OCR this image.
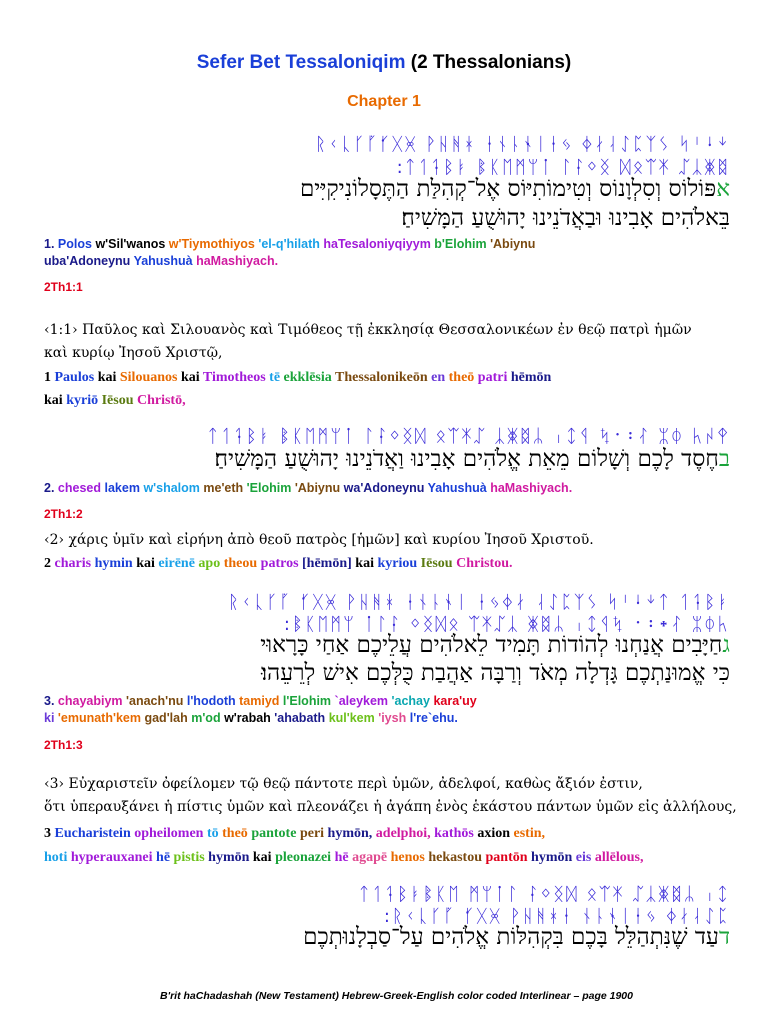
Sefer Bet Tessaloniqim (2 Thessalonians)
Chapter 1
ᚱᚲᚳᚴᚵᚶᚷᚸ ᚹᚺᚻᚼ ᚽᚾᚿᛀᛁᛂᛃ ᛄᛅᛆᛇᛈᛉᛊ ᛋᛌᛍᛎ
ᛏᛐᛑᛒᛓ ᛔᛕᛖᛗᛘᛙ ᛚᛛᛜᛝ ᛞᛟᛠᛡ ᛢᛣᛤᛥ:
אפּוֹלוֹס וְסִלְוָנוֹס וְטִימוֹתִיּוֹס אֶל־קְהִלַּת הַתֶּסָלוֹנִיקִיִּים
בֵּאלֹהִים אָבִינוּ וּבַאֲדֹנֵינוּ יָהוּשֻׁעַ הַמָּשִׁיחַ׃
1. Polos w'Sil'wanos w'Tiymothiyos 'el-q'hilath haTesaloniyqiyym b'Elohim 'Abiynu
uba'Adoneynu Yahushuà haMashiyach.
2Th1:1
‹1:1› Παῦλος καὶ Σιλουανὸς καὶ Τιμόθεος τῇ ἐκκλησίᾳ Θεσσαλονικέων ἐν θεῷ πατρὶ ἡμῶν
καὶ κυρίῳ Ἰησοῦ Χριστῷ,
1 Paulos kai Silouanos kai Timotheos tē ekklēsia Thessalonikeōn en theō patri hēmōn
kai kyriō Iēsou Christō,
ᛏᛐᛑᛒᛓ ᛔᛕᛖᛗᛘᛙ ᛚᛛᛜᛝᛞ ᛟᛠᛡᛢ ᛣᛤᛥᛦ ᛧᛨᛩ ᛪ᛫᛬ᛮ ᛯᛰ ᛱᛲᛳ
בחֶסֶד לָכֶם וְשָׁלוֹם מֵאֵת אֱלֹהִים אָבִינוּ וַאֲדֹנֵינוּ יָהוּשֻׁעַ הַמָּשִׁיחַ׃
2. chesed lakem w'shalom me'eth 'Elohim 'Abiynu wa'Adoneynu Yahushuà haMashiyach.
2Th1:2
‹2› χάρις ὑμῖν καὶ εἰρήνη ἀπὸ θεοῦ πατρὸς [ἡμῶν] καὶ κυρίου Ἰησοῦ Χριστοῦ.
2 charis hymin kai eirēnē apo theou patros [hēmōn] kai kyriou Iēsou Christou.
ᚱᚲᚳᚴᚵ ᚶᚷᚸ ᚹᚺᚻᚼ ᚽᚾᚿᛀᛁ ᛂᛃᛄᛅ ᛆᛇᛈᛉᛊ ᛋᛌᛍᛎᛏ ᛐᛑᛒᛓ
ᛔᛕᛖᛗᛘ ᛙᛚᛛ ᛜᛝᛞᛟ ᛠᛡᛢᛣ ᛤᛥᛦ ᛧᛨᛩᛪ ᛫᛬᛭ᛮ ᛯᛰᛱ:
גחַיָּבִים אֲנַחְנוּ לְהוֹדוֹת תָּמִיד לֵאלֹהִים עֲלֵיכֶם אַחַי כָּרָאוּי
כִּי אֱמוּנַתְכֶם גָּדְלָה מְאֹד וְרַבָּה אַהֲבַת כֻּלְּכֶם אִישׁ לְרֵעֵהוּ׃
3. chayabiym 'anach'nu l'hodoth tamiyd l'Elohim `aleykem 'achay kara'uy
ki 'emunath'kem gad'lah m'od w'rabah 'ahabath kul'kem 'iysh l're`ehu.
2Th1:3
‹3› Εὐχαριστεῖν ὀφείλομεν τῷ θεῷ πάντοτε περὶ ὑμῶν, ἀδελφοί, καθὼς ἄξιόν ἐστιν,
ὅτι ὑπεραυξάνει ἡ πίστις ὑμῶν καὶ πλεονάζει ἡ ἀγάπη ἑνὸς ἑκάστου πάντων ὑμῶν εἰς ἀλλήλους,
3 Eucharistein opheilomen tō theō pantote peri hymōn, adelphoi, kathōs axion estin,
hoti hyperauxanei hē pistis hymōn kai pleonazei hē agapē henos hekastou pantōn hymōn eis allēlous,
ᛏᛐᛑᛒᛓᛔᛕᛖ ᛗᛘᛙᛚ ᛛᛜᛝᛞ ᛟᛠᛡ ᛢᛣᛤᛥᛦ ᛧᛨ
ᚱᚲᚳᚴᚵ ᚶᚷᚸ ᚹᚺᚻᚼᚽ ᚾᚿᛀᛁᛂᛃ ᛄᛅᛆᛇᛈ:
דעַד שֶׁנִּתְהַלֵּל בָּכֶם בִּקְהִלּוֹת אֱלֹהִים עַל־סַבְלָנוּתְכֶם
B'rit haChadashah (New Testament) Hebrew-Greek-English color coded Interlinear – page 1900
